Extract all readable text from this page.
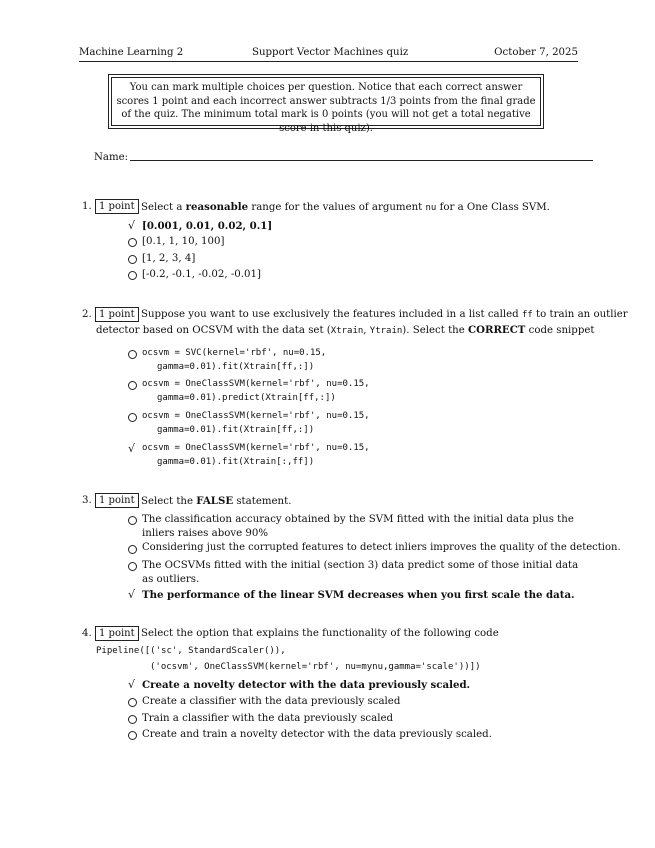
Machine Learning 2	Support Vector Machines quiz	October 7, 2025
You can mark multiple choices per question. Notice that each correct answer scores 1 point and each incorrect answer subtracts 1/3 points from the final grade of the quiz. The minimum total mark is 0 points (you will not get a total negative score in this quiz).
Name:
1. 1 point Select a reasonable range for the values of argument nu for a One Class SVM.
√ [0.001, 0.01, 0.02, 0.1]
[0.1, 1, 10, 100]
[1, 2, 3, 4]
[-0.2, -0.1, -0.02, -0.01]
2. 1 point Suppose you want to use exclusively the features included in a list called ff to train an outlier
detector based on OCSVM with the data set (Xtrain, Ytrain). Select the CORRECT code snippet
ocsvm = SVC(kernel='rbf', nu=0.15,
gamma=0.01).fit(Xtrain[ff,:])
ocsvm = OneClassSVM(kernel='rbf', nu=0.15,
gamma=0.01).predict(Xtrain[ff,:])
ocsvm = OneClassSVM(kernel='rbf', nu=0.15,
gamma=0.01).fit(Xtrain[ff,:])
√ ocsvm = OneClassSVM(kernel='rbf', nu=0.15,
gamma=0.01).fit(Xtrain[:,ff])
3. 1 point Select the FALSE statement.
The classification accuracy obtained by the SVM fitted with the initial data plus the inliers raises above 90%
Considering just the corrupted features to detect inliers improves the quality of the detection.
The OCSVMs fitted with the initial (section 3) data predict some of those initial data as outliers.
√ The performance of the linear SVM decreases when you first scale the data.
4. 1 point Select the option that explains the functionality of the following code
Pipeline([('sc', StandardScaler()),
('ocsvm', OneClassSVM(kernel='rbf', nu=mynu,gamma='scale'))])
√ Create a novelty detector with the data previously scaled.
Create a classifier with the data previously scaled
Train a classifier with the data previously scaled
Create and train a novelty detector with the data previously scaled.
